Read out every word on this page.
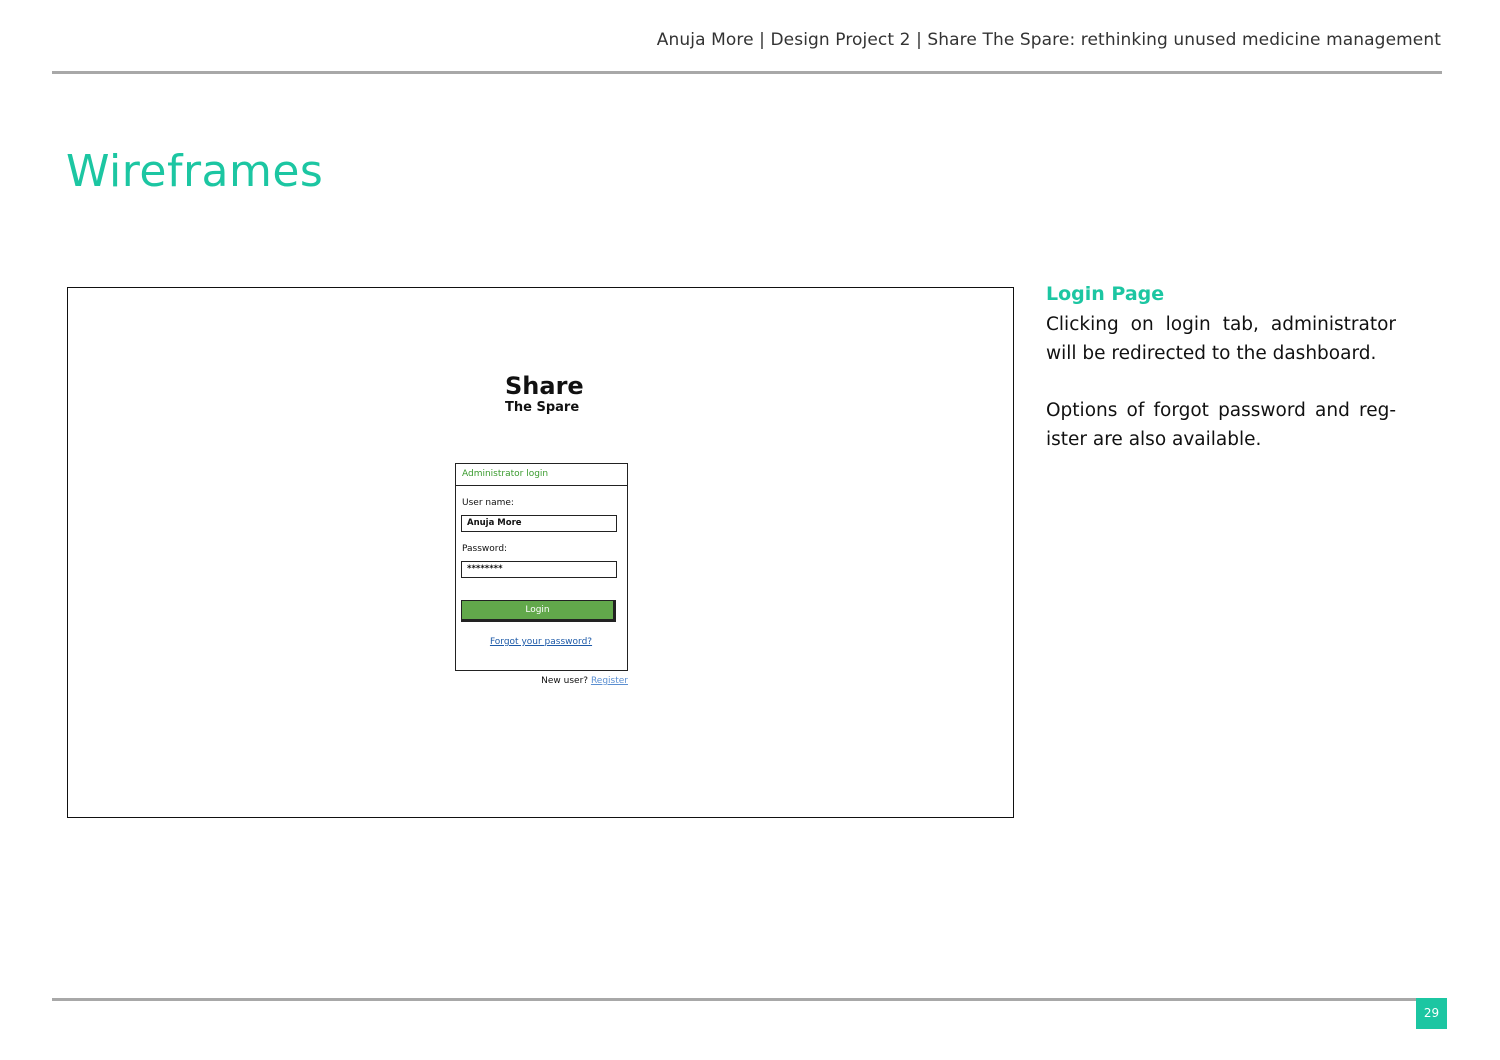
Anuja More | Design Project 2 | Share The Spare: rethinking unused medicine management
Wireframes
Share
The Spare
Administrator login
User name:
Anuja More
Password:
********
Login
Forgot your password?
New user? Register
Login Page

Clicking on login tab, administrator will be redirected to the dashboard.

Options of forgot password and reg-ister are also available.

29
